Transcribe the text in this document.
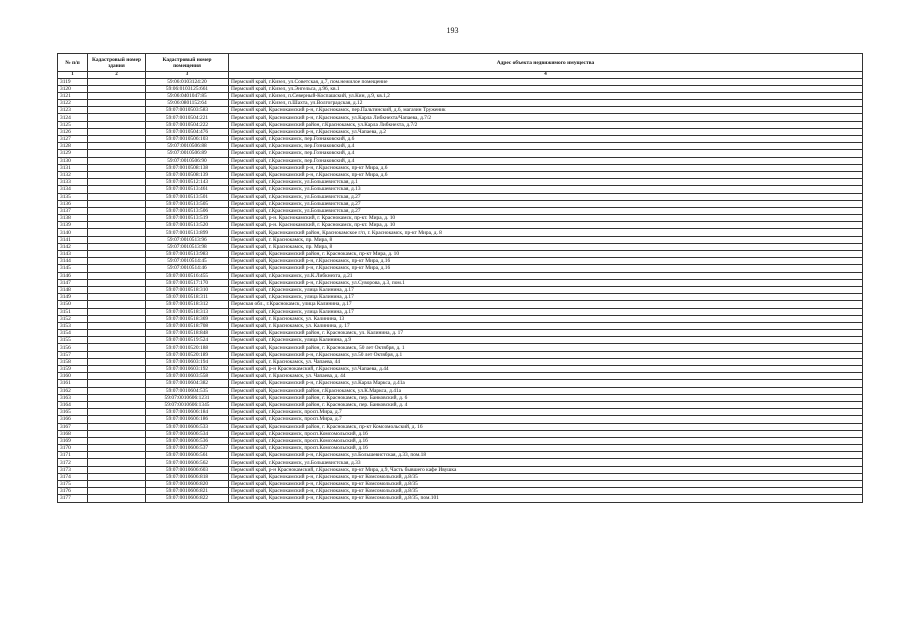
193
№ п/п	Кадастровый номер здания	Кадастровый номер помещения	Адрес объекта недвижимого имущества
1	2	3	4
3119		59:06:0103124:20	Пермский край, г.Кизел, ул.Советская, д.7, пом.нежилое помещение
3120		59:06:0103125:661	Пермский край, г.Кизел, ул.Энгельса, д.96, кв.1
3121		59:06:0401047:85	Пермский край, г.Кизел, п.Северный-Коспашский, ул.Кин, д.9, кв.1,2
3122		59:06:0801152:64	Пермский край, г.Кизел, п.Шахта, ул.Волгоградская, д.12
3123		59:07:0010503:583	Пермский край, Краснокамский р-н, г.Краснокамск, пер.Пальтинский, д.6, магазин Труженик
3124		59:07:0010504:221	Пермский край, Краснокамский р-н, г.Краснокамск, ул.Карла Либкнехта/Чапаева, д.7/2
3125		59:07:0010504:222	Пермский край, Краснокамский район, г.Краснокамск, ул.Карла Либкнехта, д.7/2
3126		59:07:0010504:476	Пермский край, Краснокамский р-н, г.Краснокамск, ул.Чапаева, д.2
3127		59:07:0010506:103	Пермский край, г.Краснокамск, пер.Гознаковский, д.6
3128		59:07:0010506:88	Пермский край, г.Краснокамск, пер.Гознаковский, д.4
3129		59:07:0010506:89	Пермский край, г.Краснокамск, пер.Гознаковский, д.4
3130		59:07:0010506:90	Пермский край, г.Краснокамск, пер.Гознаковский, д.4
3131		59:07:0010508:138	Пермский край, Краснокамский р-н, г.Краснокамск, пр-кт Мира, д.6
3132		59:07:0010508:139	Пермский край, Краснокамский р-н, г.Краснокамск, пр-кт Мира, д.6
3133		59:07:0010512:143	Пермский край, г.Краснокамск, ул.Большевистская, д.1
3134		59:07:0010513:461	Пермский край, г.Краснокамск, ул.Большевистская, д.13
3135		59:07:0010513:501	Пермский край, г.Краснокамск, ул.Большевистская, д.27
3136		59:07:0010513:505	Пермский край, г.Краснокамск, ул.Большевистская, д.27
3137		59:07:0010513:506	Пермский край, г.Краснокамск, ул.Большевистская, д.27
3138		59:07:0010513:519	Пермский край, р-н. Краснокамский, г. Краснокамск, пр-кт. Мира, д. 10
3139		59:07:0010513:520	Пермский край, р-н. Краснокамский, г. Краснокамск, пр-кт. Мира, д. 10
3140		59:07:0010513:899	Пермский край, Краснокамский район, Краснокамское г/п, г. Краснокамск, пр-кт Мира, д. 8
3141		59:07:0010513:96	Пермский край, г. Краснокамск, пр. Мира, 8
3142		59:07:0010513:98	Пермский край, г. Краснокамск, пр. Мира, 8
3143		59:07:0010513:983	Пермский край, Краснокамский район, г. Краснокамск, пр-кт Мира, д. 10
3144		59:07:0010514:45	Пермский край, Краснокамский р-н, г.Краснокамск, пр-кт Мира, д.16
3145		59:07:0010514:46	Пермский край, Краснокамский р-н, г.Краснокамск, пр-кт Мира, д.16
3146		59:07:0010516:455	Пермский край, г.Краснокамск, ул.К.Либкнехта, д.21
3147		59:07:0010517:170	Пермский край, Краснокамский р-н, г.Краснокамск, ул.Суворова, д.3, пом.1
3148		59:07:0010518:310	Пермский край, г.Краснокамск, улица Калинина, д.17
3149		59:07:0010518:311	Пермский край, г.Краснокамск, улица Калинина, д.17
3150		59:07:0010518:312	Пермская обл., г.Краснокамск, улица Калинина, д.17
3151		59:07:0010518:313	Пермский край, г.Краснокамск, улица Калинина, д.17
3152		59:07:0010518:369	Пермский край, г. Краснокамск, ул. Калинина, 13
3153		59:07:0010518:708	Пермский край, г. Краснокамск, ул. Калинина, д. 17
3154		59:07:0010518:848	Пермский край, Краснокамский район, г. Краснокамск, ул. Калинина, д. 17
3155		59:07:0010519:524	Пермский край, г.Краснокамск, улица Калинина, д.9
3156		59:07:0010520:188	Пермский край, Краснокамский район, г. Краснокамск, 50 лет Октября, д. 1
3157		59:07:0010520:189	Пермский край, Краснокамский р-н, г.Краснокамск, ул.50 лет Октября, д.1
3158		59:07:0010603:194	Пермский край, г. Краснокамск, ул. Чапаева, 44
3159		59:07:0010603:192	Пермский край, р-н Краснокамский, г.Краснокамск, ул.Чапаева, д.44
3160		59:07:0010603:558	Пермский край, г. Краснокамск, ул. Чапаева, д. 44
3161		59:07:0010604:382	Пермский край, Краснокамский р-н, г.Краснокамск, ул.Карла Маркса, д.41а
3162		59:07:0010604:535	Пермский край, Краснокамский район, г.Краснокамск, ул.К.Маркса, д.41а
3163		59:07:0010606:1231	Пермский край, Краснокамский район, г. Краснокамск, пер. Банковский, д. 6
3164		59:07:0010606:1345	Пермский край, Краснокамский район, г. Краснокамск, пер. Банковский, д. 4
3165		59:07:0010606:184	Пермский край, г.Краснокамск, просп.Мира, д.7
3166		59:07:0010606:186	Пермский край, г.Краснокамск, просп.Мира, д.7
3167		59:07:0010606:533	Пермский край, Краснокамский район, г. Краснокамск, пр-кт Комсомольский, д. 16
3168		59:07:0010606:534	Пермский край, г.Краснокамск, просп.Комсомольский, д.16
3169		59:07:0010606:536	Пермский край, г.Краснокамск, просп.Комсомольский, д.16
3170		59:07:0010606:537	Пермский край, г.Краснокамск, просп.Комсомольский, д.16
3171		59:07:0010606:561	Пермский край, Краснокамский р-н, г.Краснокамск, ул.Большевистская, д.33, пом.18
3172		59:07:0010606:562	Пермский край, г.Краснокамск, ул.Большевистская, д.33
3173		59:07:0010606:603	Пермский край, р-н Краснокамский, г.Краснокамск, пр-кт Мира, д.9, Часть бывшего кафе Ивушка
3174		59:07:0010606:818	Пермский край, Краснокамский р-н, г.Краснокамск, пр-кт Комсомольский, д.8/35
3175		59:07:0010606:820	Пермский край, Краснокамский р-н, г.Краснокамск, пр-кт Комсомольский, д.8/35
3176		59:07:0010606:821	Пермский край, Краснокамский р-н, г.Краснокамск, пр-кт Комсомольский, д.8/35
3177		59:07:0010606:822	Пермский край, Краснокамский р-н, г.Краснокамск, пр-кт Комсомольский, д.8/35, пом.101
